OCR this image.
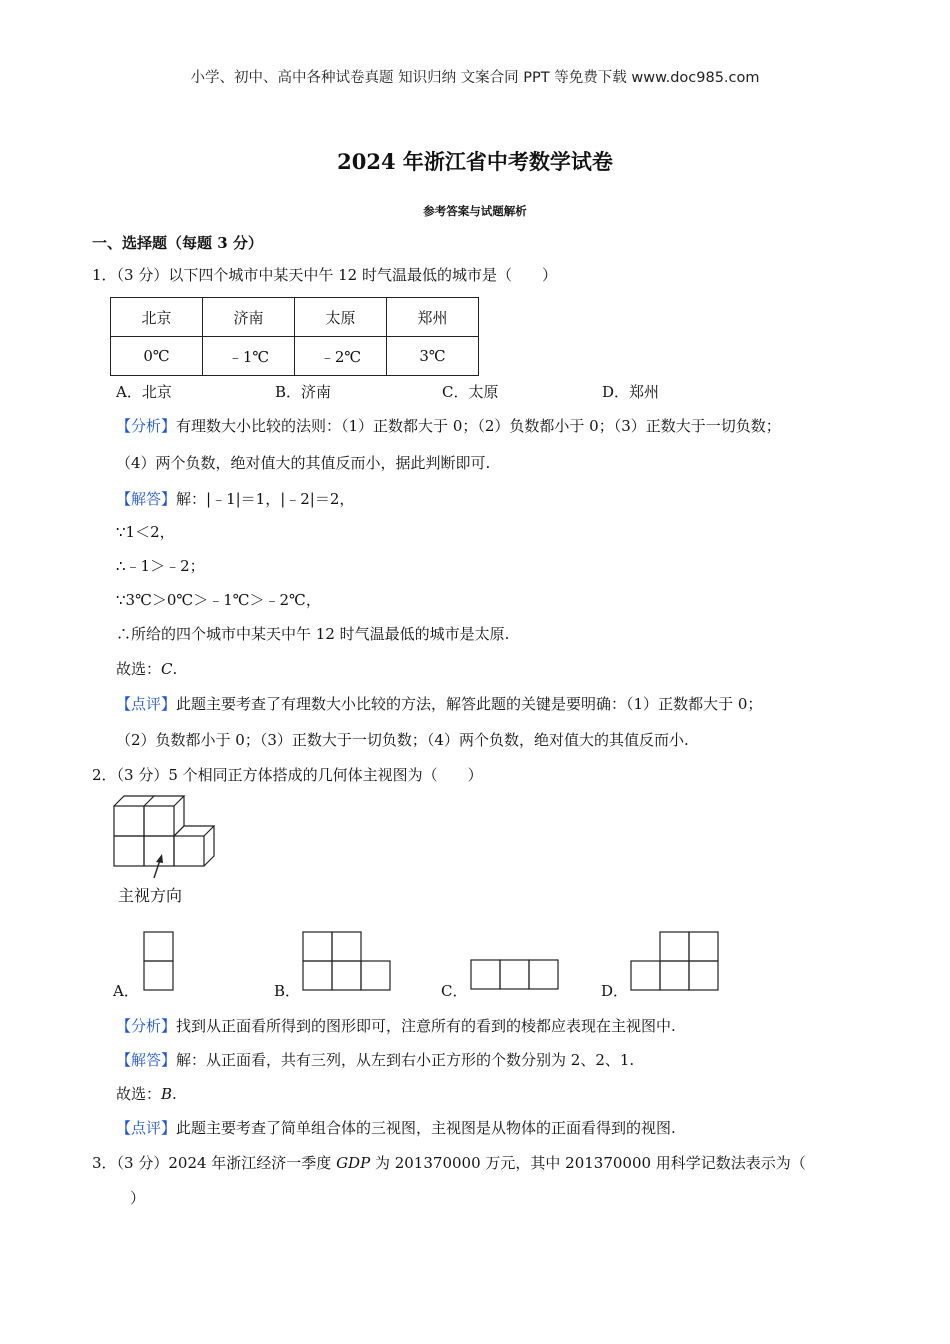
小学、初中、高中各种试卷真题 知识归纳 文案合同 PPT 等免费下载 www.doc985.com
2024 年浙江省中考数学试卷
参考答案与试题解析
一、选择题（每题 3 分）
1．（3 分）以下四个城市中某天中午 12 时气温最低的城市是（　　）
北京	济南	太原	郑州
0℃	﹣1℃	﹣2℃	3℃
A．北京	B．济南	C．太原	D．郑州
【分析】有理数大小比较的法则：（1）正数都大于 0；（2）负数都小于 0；（3）正数大于一切负数；
（4）两个负数，绝对值大的其值反而小，据此判断即可.
【解答】解：|﹣1|＝1，|﹣2|＝2，
∵1＜2，
∴﹣1＞﹣2；
∵3℃＞0℃＞﹣1℃＞﹣2℃，
∴所给的四个城市中某天中午 12 时气温最低的城市是太原.
故选：C.
【点评】此题主要考查了有理数大小比较的方法，解答此题的关键是要明确：（1）正数都大于 0；
（2）负数都小于 0；（3）正数大于一切负数；（4）两个负数，绝对值大的其值反而小.
2．（3 分）5 个相同正方体搭成的几何体主视图为（　　）
主视方向
A．	B．	C．	D．
【分析】找到从正面看所得到的图形即可，注意所有的看到的棱都应表现在主视图中.
【解答】解：从正面看，共有三列，从左到右小正方形的个数分别为 2、2、1.
故选：B.
【点评】此题主要考查了简单组合体的三视图，主视图是从物体的正面看得到的视图.
3．（3 分）2024 年浙江经济一季度 GDP 为 201370000 万元，其中 201370000 用科学记数法表示为（
）
